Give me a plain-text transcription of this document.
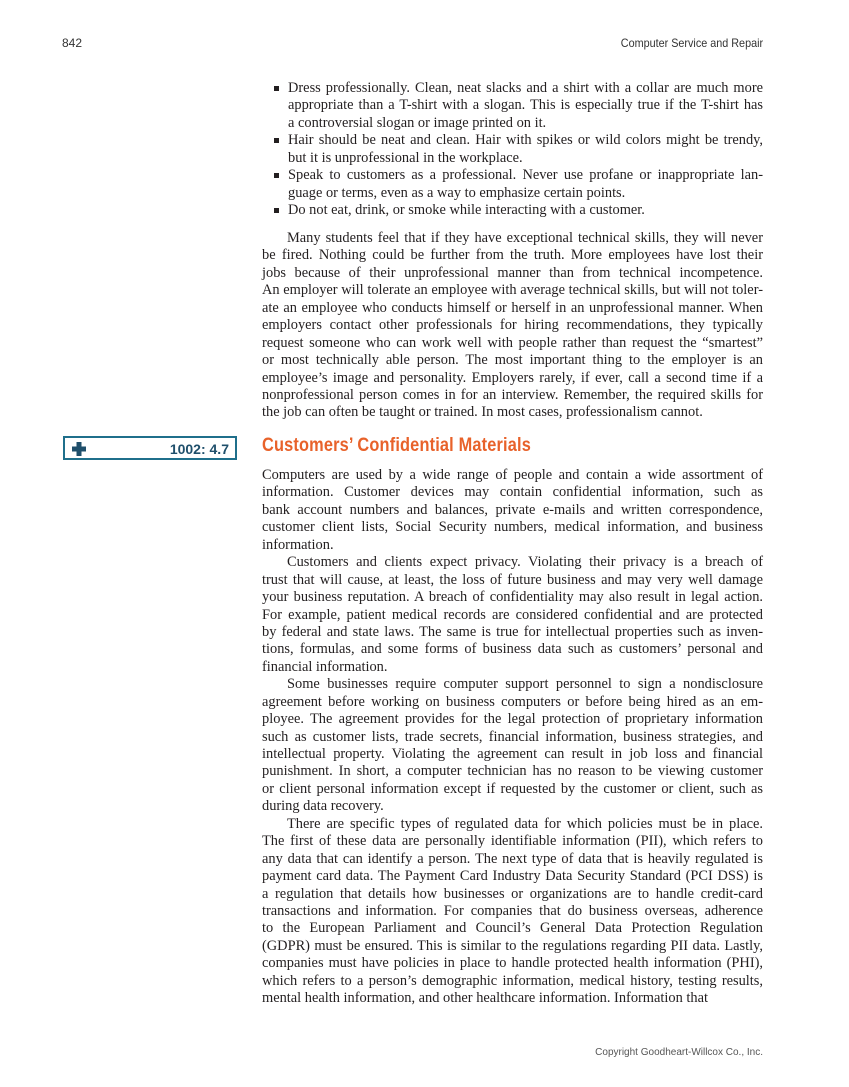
842	Computer Service and Repair
Dress professionally. Clean, neat slacks and a shirt with a collar are much more
appropriate than a T-shirt with a slogan. This is especially true if the T-shirt has
a controversial slogan or image printed on it.
Hair should be neat and clean. Hair with spikes or wild colors might be trendy,
but it is unprofessional in the workplace.
Speak to customers as a professional. Never use profane or inappropriate lan-
guage or terms, even as a way to emphasize certain points.
Do not eat, drink, or smoke while interacting with a customer.
Many students feel that if they have exceptional technical skills, they will never
be fired. Nothing could be further from the truth. More employees have lost their
jobs because of their unprofessional manner than from technical incompetence.
An employer will tolerate an employee with average technical skills, but will not toler-
ate an employee who conducts himself or herself in an unprofessional manner. When
employers contact other professionals for hiring recommendations, they typically
request someone who can work well with people rather than request the “smartest”
or most technically able person. The most important thing to the employer is an
employee’s image and personality. Employers rarely, if ever, call a second time if a
nonprofessional person comes in for an interview. Remember, the required skills for
the job can often be taught or trained. In most cases, professionalism cannot.
1002: 4.7 Customers’ Confidential Materials
Computers are used by a wide range of people and contain a wide assortment of
information. Customer devices may contain confidential information, such as
bank account numbers and balances, private e-mails and written correspondence,
customer client lists, Social Security numbers, medical information, and business
information.
Customers and clients expect privacy. Violating their privacy is a breach of
trust that will cause, at least, the loss of future business and may very well damage
your business reputation. A breach of confidentiality may also result in legal action.
For example, patient medical records are considered confidential and are protected
by federal and state laws. The same is true for intellectual properties such as inven-
tions, formulas, and some forms of business data such as customers’ personal and
financial information.
Some businesses require computer support personnel to sign a nondisclosure
agreement before working on business computers or before being hired as an em-
ployee. The agreement provides for the legal protection of proprietary information
such as customer lists, trade secrets, financial information, business strategies, and
intellectual property. Violating the agreement can result in job loss and financial
punishment. In short, a computer technician has no reason to be viewing customer
or client personal information except if requested by the customer or client, such as
during data recovery.
There are specific types of regulated data for which policies must be in place.
The first of these data are personally identifiable information (PII), which refers to
any data that can identify a person. The next type of data that is heavily regulated is
payment card data. The Payment Card Industry Data Security Standard (PCI DSS) is
a regulation that details how businesses or organizations are to handle credit-card
transactions and information. For companies that do business overseas, adherence
to the European Parliament and Council’s General Data Protection Regulation
(GDPR) must be ensured. This is similar to the regulations regarding PII data. Lastly,
companies must have policies in place to handle protected health information (PHI),
which refers to a person’s demographic information, medical history, testing results,
mental health information, and other healthcare information. Information that
Copyright Goodheart-Willcox Co., Inc.
